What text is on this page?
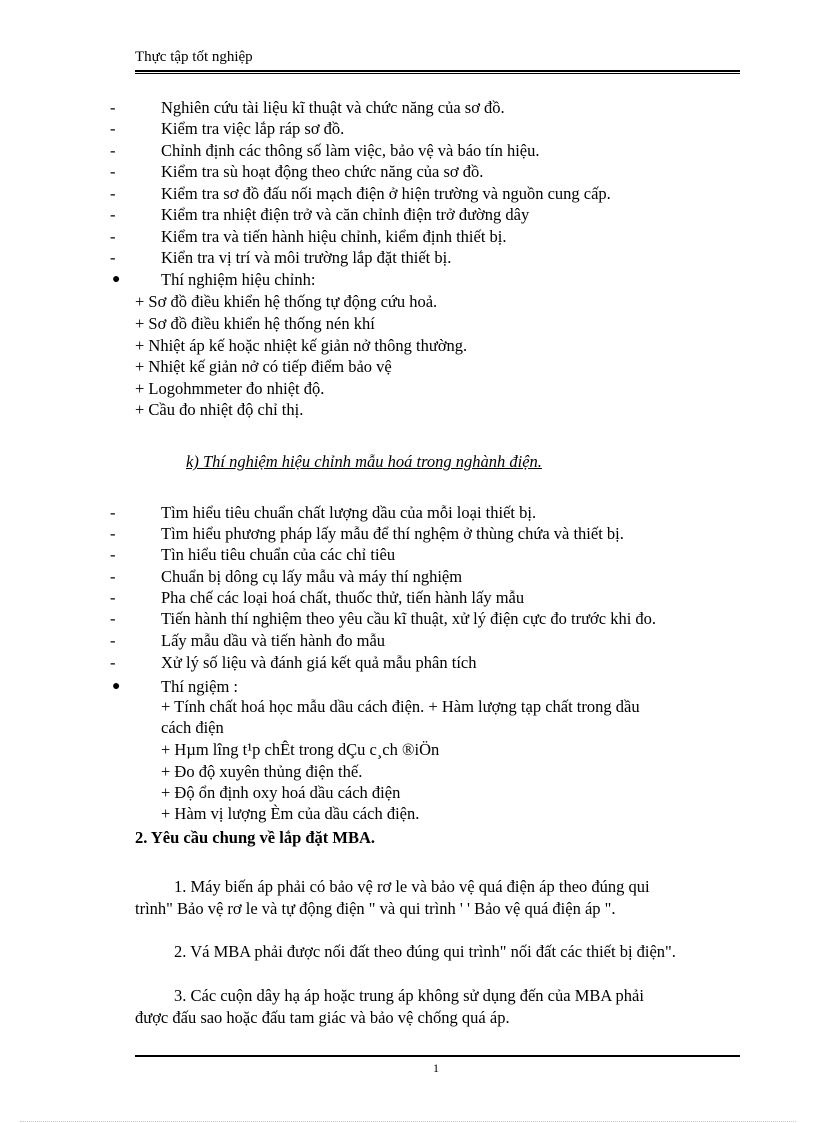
Thực tập tốt nghiệp
-	Nghiên cứu tài liệu kĩ thuật và chức năng của sơ đồ.
-	Kiểm tra việc lắp ráp sơ đồ.
-	Chỉnh định các thông số làm việc, bảo vệ và báo tín hiệu.
-	Kiểm tra sù hoạt động theo chức năng của sơ đồ.
-	Kiểm tra sơ đồ đấu nối mạch điện ở hiện trường và nguồn cung cấp.
-	Kiểm tra nhiệt điện trở và căn chỉnh điện trở đường dây
-	Kiểm tra và tiến hành hiệu chỉnh, kiểm định thiết bị.
-	Kiển tra vị trí và môi trường lắp đặt thiết bị.
● Thí nghiệm hiệu chỉnh:
+ Sơ đồ điều khiển hệ thống tự động cứu hoả.
+ Sơ đồ điều khiển hệ thống nén khí
+ Nhiệt áp kế hoặc nhiệt kế giản nở thông thường.
+ Nhiệt kế giản nở có tiếp điểm bảo vệ
+ Logohmmeter đo nhiệt độ.
+ Cầu đo nhiệt độ chỉ thị.
k) Thí nghiệm hiệu chỉnh mẫu hoá trong nghành điện.
-	Tìm hiểu tiêu chuẩn chất lượng dầu của mỗi loại thiết bị.
-	Tìm hiểu phương pháp lấy mẫu để thí nghệm ở thùng chứa và thiết bị.
-	Tìn hiểu tiêu chuẩn của các chỉ tiêu
-	Chuẩn bị dông cụ lấy mẫu và máy thí nghiệm
-	Pha chế các loại hoá chất, thuốc thử, tiến hành lấy mẫu
-	Tiến hành thí nghiệm theo yêu cầu kĩ thuật, xử lý điện cực đo trước khi đo.
-	Lấy mẫu dầu và tiến hành đo mẫu
-	Xử lý số liệu và đánh giá kết quả mẫu phân tích
● Thí ngiệm :
+ Tính chất hoá học mẫu dầu cách điện. + Hàm lượng tạp chất trong dầu
cách điện
+ Hµm lîng t¹p chÊt trong dÇu c¸ch ®iÖn
+ Đo độ xuyên thủng điện thế.
+ Độ ổn định oxy hoá dầu cách điện
+ Hàm vị lượng Èm của dầu cách điện.
2. Yêu cầu chung về lắp đặt MBA.
1. Máy biến áp phải có bảo vệ rơ le và bảo vệ quá điện áp theo đúng qui
trình" Bảo vệ rơ le và tự động điện " và qui trình ' ' Bảo vệ quá điện áp ".
2. Vá MBA phải được nối đất theo đúng qui trình" nối đất các thiết bị điện".
3. Các cuộn dây hạ áp hoặc trung áp không sử dụng đến của MBA phải
được đấu sao hoặc đấu tam giác và bảo vệ chống quá áp.
1
